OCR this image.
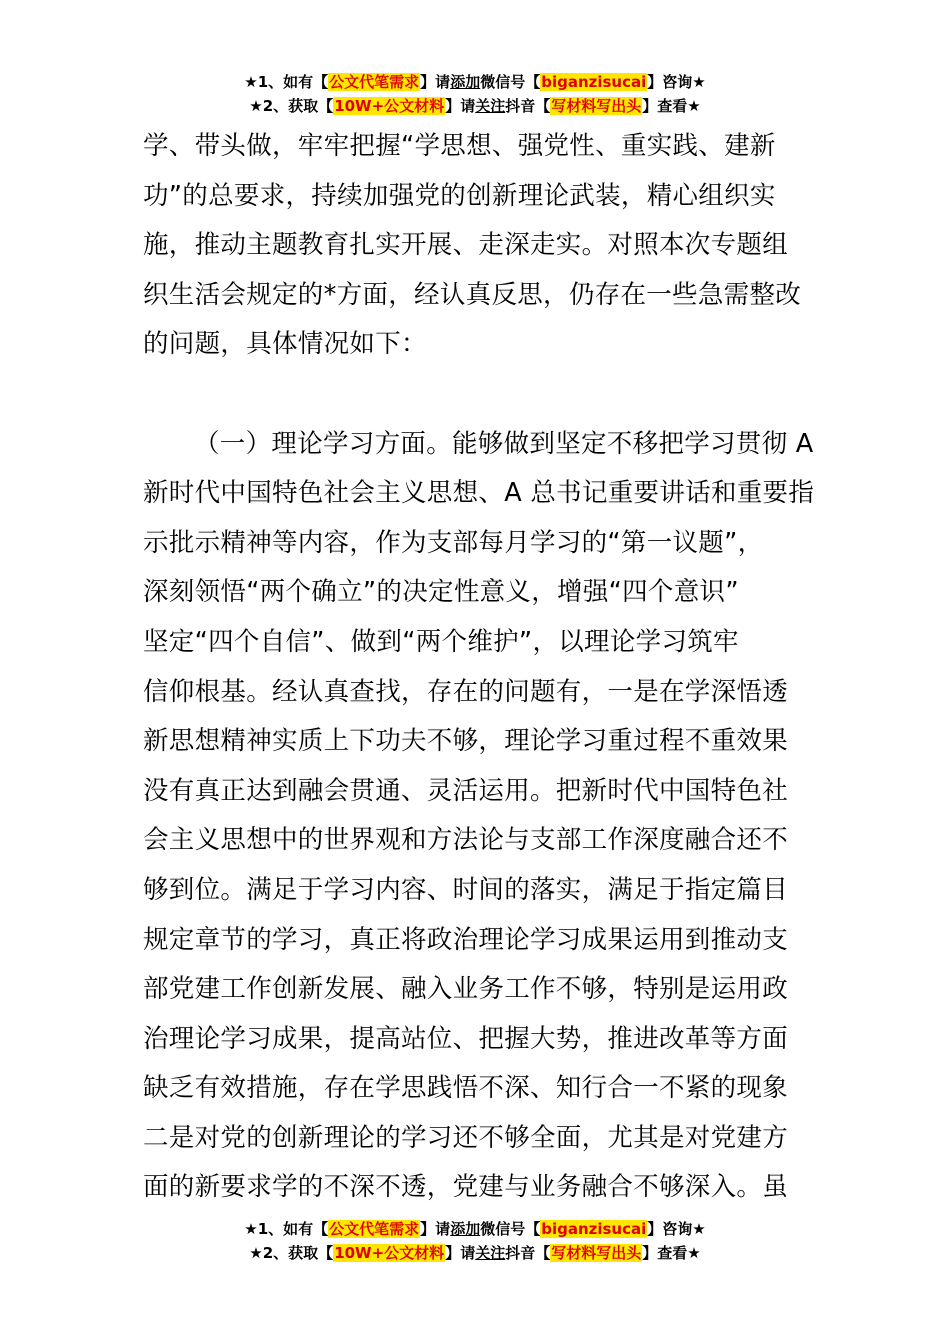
★1、如有【公文代笔需求】请添加微信号【biganzisucai】咨询★
★2、获取【10W+公文材料】请关注抖音【写材料写出头】查看★
学、带头做，牢牢把握“学思想、强党性、重实践、建新
功”的总要求，持续加强党的创新理论武装，精心组织实
施，推动主题教育扎实开展、走深走实。对照本次专题组
织生活会规定的*方面，经认真反思，仍存在一些急需整改
的问题，具体情况如下：
（一）理论学习方面。能够做到坚定不移把学习贯彻 A
新时代中国特色社会主义思想、A 总书记重要讲话和重要指
示批示精神等内容，作为支部每月学习的“第一议题”，
深刻领悟“两个确立”的决定性意义，增强“四个意识”
坚定“四个自信”、做到“两个维护”，以理论学习筑牢
信仰根基。经认真查找，存在的问题有，一是在学深悟透
新思想精神实质上下功夫不够，理论学习重过程不重效果
没有真正达到融会贯通、灵活运用。把新时代中国特色社
会主义思想中的世界观和方法论与支部工作深度融合还不
够到位。满足于学习内容、时间的落实，满足于指定篇目
规定章节的学习，真正将政治理论学习成果运用到推动支
部党建工作创新发展、融入业务工作不够，特别是运用政
治理论学习成果，提高站位、把握大势，推进改革等方面
缺乏有效措施，存在学思践悟不深、知行合一不紧的现象
二是对党的创新理论的学习还不够全面，尤其是对党建方
面的新要求学的不深不透，党建与业务融合不够深入。虽
★1、如有【公文代笔需求】请添加微信号【biganzisucai】咨询★
★2、获取【10W+公文材料】请关注抖音【写材料写出头】查看★
